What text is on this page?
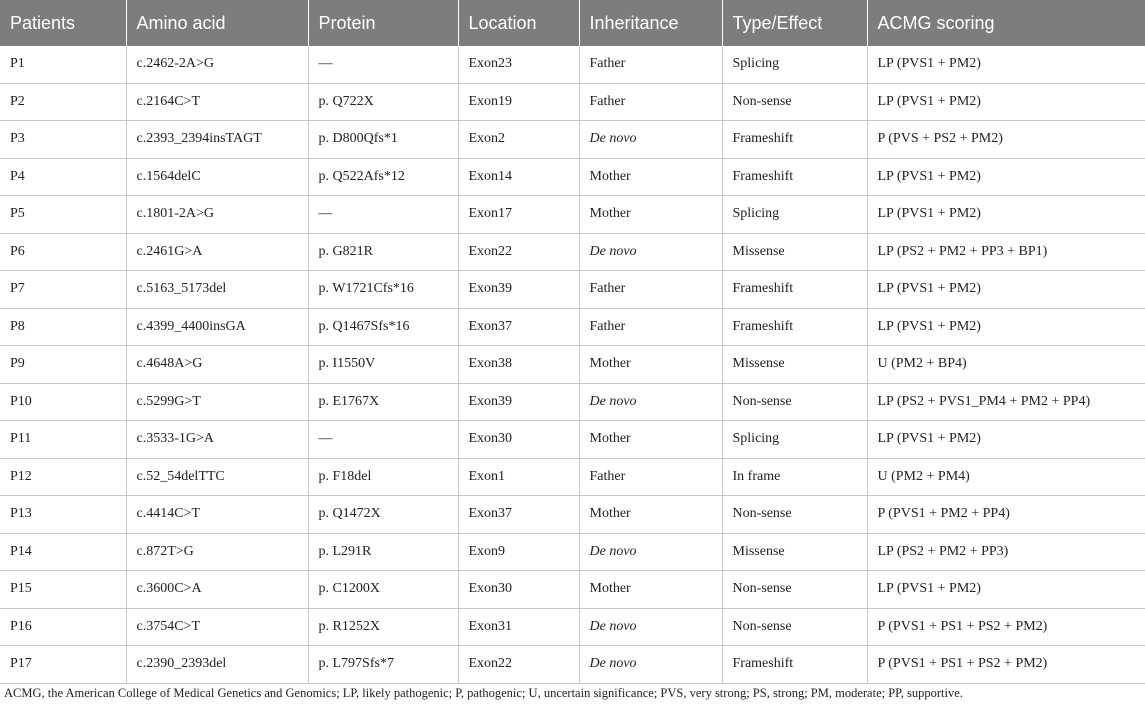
Patients	Amino acid	Protein	Location	Inheritance	Type/Effect	ACMG scoring
P1	c.2462-2A>G	—	Exon23	Father	Splicing	LP (PVS1 + PM2)
P2	c.2164C>T	p. Q722X	Exon19	Father	Non-sense	LP (PVS1 + PM2)
P3	c.2393_2394insTAGT	p. D800Qfs*1	Exon2	De novo	Frameshift	P (PVS + PS2 + PM2)
P4	c.1564delC	p. Q522Afs*12	Exon14	Mother	Frameshift	LP (PVS1 + PM2)
P5	c.1801-2A>G	—	Exon17	Mother	Splicing	LP (PVS1 + PM2)
P6	c.2461G>A	p. G821R	Exon22	De novo	Missense	LP (PS2 + PM2 + PP3 + BP1)
P7	c.5163_5173del	p. W1721Cfs*16	Exon39	Father	Frameshift	LP (PVS1 + PM2)
P8	c.4399_4400insGA	p. Q1467Sfs*16	Exon37	Father	Frameshift	LP (PVS1 + PM2)
P9	c.4648A>G	p. I1550V	Exon38	Mother	Missense	U (PM2 + BP4)
P10	c.5299G>T	p. E1767X	Exon39	De novo	Non-sense	LP (PS2 + PVS1_PM4 + PM2 + PP4)
P11	c.3533-1G>A	—	Exon30	Mother	Splicing	LP (PVS1 + PM2)
P12	c.52_54delTTC	p. F18del	Exon1	Father	In frame	U (PM2 + PM4)
P13	c.4414C>T	p. Q1472X	Exon37	Mother	Non-sense	P (PVS1 + PM2 + PP4)
P14	c.872T>G	p. L291R	Exon9	De novo	Missense	LP (PS2 + PM2 + PP3)
P15	c.3600C>A	p. C1200X	Exon30	Mother	Non-sense	LP (PVS1 + PM2)
P16	c.3754C>T	p. R1252X	Exon31	De novo	Non-sense	P (PVS1 + PS1 + PS2 + PM2)
P17	c.2390_2393del	p. L797Sfs*7	Exon22	De novo	Frameshift	P (PVS1 + PS1 + PS2 + PM2)
ACMG, the American College of Medical Genetics and Genomics; LP, likely pathogenic; P, pathogenic; U, uncertain significance; PVS, very strong; PS, strong; PM, moderate; PP, supportive.
